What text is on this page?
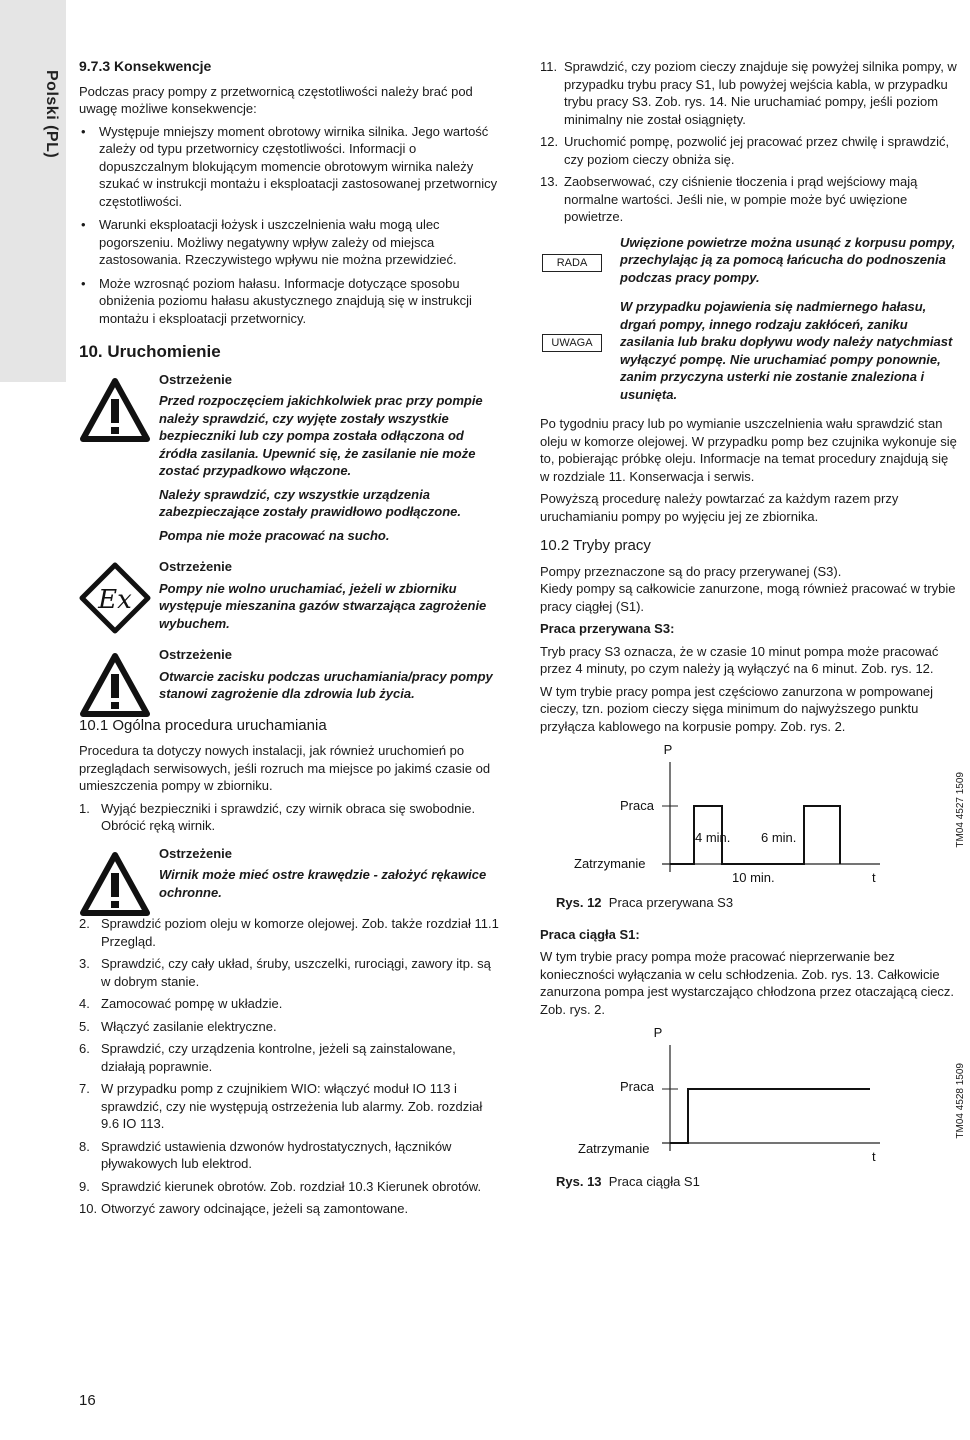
Polski (PL)
9.7.3 Konsekwencje

Podczas pracy pompy z przetwornicą częstotliwości należy brać pod uwagę możliwe konsekwencje:

• Występuje mniejszy moment obrotowy wirnika silnika. Jego wartość zależy od typu przetwornicy częstotliwości. Informacji o dopuszczalnym blokującym momencie obrotowym wirnika należy szukać w instrukcji montażu i eksploatacji zastosowanej przetwornicy częstotliwości.

• Warunki eksploatacji łożysk i uszczelnienia wału mogą ulec pogorszeniu. Możliwy negatywny wpływ zależy od miejsca zastosowania. Rzeczywistego wpływu nie można przewidzieć.

• Może wzrosnąć poziom hałasu. Informacje dotyczące sposobu obniżenia poziomu hałasu akustycznego znajdują się w instrukcji montażu i eksploatacji przetwornicy.

10. Uruchomienie

Ostrzeżenie

Przed rozpoczęciem jakichkolwiek prac przy pompie należy sprawdzić, czy wyjęte zostały wszystkie bezpieczniki lub czy pompa została odłączona od źródła zasilania. Upewnić się, że zasilanie nie może zostać przypadkowo włączone.

Należy sprawdzić, czy wszystkie urządzenia zabezpieczające zostały prawidłowo podłączone.

Pompa nie może pracować na sucho.

Ex

Ostrzeżenie

Pompy nie wolno uruchamiać, jeżeli w zbiorniku występuje mieszanina gazów stwarzająca zagrożenie wybuchem.

Ostrzeżenie

Otwarcie zacisku podczas uruchamiania/pracy pompy stanowi zagrożenie dla zdrowia lub życia.

10.1 Ogólna procedura uruchamiania

Procedura ta dotyczy nowych instalacji, jak również uruchomień po przeglądach serwisowych, jeśli rozruch ma miejsce po jakimś czasie od umieszczenia pompy w zbiorniku.

1. Wyjąć bezpieczniki i sprawdzić, czy wirnik obraca się swobodnie. Obrócić ręką wirnik.

Ostrzeżenie

Wirnik może mieć ostre krawędzie - założyć rękawice ochronne.

2. Sprawdzić poziom oleju w komorze olejowej. Zob. także rozdział 11.1 Przegląd.

3. Sprawdzić, czy cały układ, śruby, uszczelki, rurociągi, zawory itp. są w dobrym stanie.

4. Zamocować pompę w układzie.

5. Włączyć zasilanie elektryczne.

6. Sprawdzić, czy urządzenia kontrolne, jeżeli są zainstalowane, działają poprawnie.

7. W przypadku pomp z czujnikiem WIO: włączyć moduł IO 113 i sprawdzić, czy nie występują ostrzeżenia lub alarmy. Zob. rozdział 9.6 IO 113.

8. Sprawdzić ustawienia dzwonów hydrostatycznych, łączników pływakowych lub elektrod.

9. Sprawdzić kierunek obrotów. Zob. rozdział 10.3 Kierunek obrotów.

10. Otworzyć zawory odcinające, jeżeli są zamontowane.

11. Sprawdzić, czy poziom cieczy znajduje się powyżej silnika pompy, w przypadku trybu pracy S1, lub powyżej wejścia kabla, w przypadku trybu pracy S3. Zob. rys. 14. Nie uruchamiać pompy, jeśli poziom minimalny nie został osiągnięty.

12. Uruchomić pompę, pozwolić jej pracować przez chwilę i sprawdzić, czy poziom cieczy obniża się.

13. Zaobserwować, czy ciśnienie tłoczenia i prąd wejściowy mają normalne wartości. Jeśli nie, w pompie może być uwięzione powietrze.

RADA
Uwięzione powietrze można usunąć z korpusu pompy, przechylając ją za pomocą łańcucha do podnoszenia podczas pracy pompy.
UWAGA
W przypadku pojawienia się nadmiernego hałasu, drgań pompy, innego rodzaju zakłóceń, zaniku zasilania lub braku dopływu wody należy natychmiast wyłączyć pompę. Nie uruchamiać pompy ponownie, zanim przyczyna usterki nie zostanie znaleziona i usunięta.

Po tygodniu pracy lub po wymianie uszczelnienia wału sprawdzić stan oleju w komorze olejowej. W przypadku pomp bez czujnika wykonuje się to, pobierając próbkę oleju. Informacje na temat procedury znajdują się w rozdziale 11. Konserwacja i serwis.

Powyższą procedurę należy powtarzać za każdym razem przy uruchamianiu pompy po wyjęciu jej ze zbiornika.

10.2 Tryby pracy

Pompy przeznaczone są do pracy przerywanej (S3).

Kiedy pompy są całkowicie zanurzone, mogą również pracować w trybie pracy ciągłej (S1).

Praca przerywana S3:

Tryb pracy S3 oznacza, że w czasie 10 minut pompa może pracować przez 4 minuty, po czym należy ją wyłączyć na 6 minut. Zob. rys. 12.

W tym trybie pracy pompa jest częściowo zanurzona w pompowanej cieczy, tzn. poziom cieczy sięga minimum do najwyższego punktu przyłącza kablowego na korpusie pompy. Zob. rys. 2.

P
Praca
Zatrzymanie
4 min. 6 min.
10 min.	t
TM04 4527 1509

Rys. 12 Praca przerywana S3

Praca ciągła S1:

W tym trybie pracy pompa może pracować nieprzerwanie bez konieczności wyłączania w celu schłodzenia. Zob. rys. 13. Całkowicie zanurzona pompa jest wystarczająco chłodzona przez otaczającą ciecz. Zob. rys. 2.

P
Praca
Zatrzymanie
t
TM04 4528 1509

Rys. 13 Praca ciągła S1

16
